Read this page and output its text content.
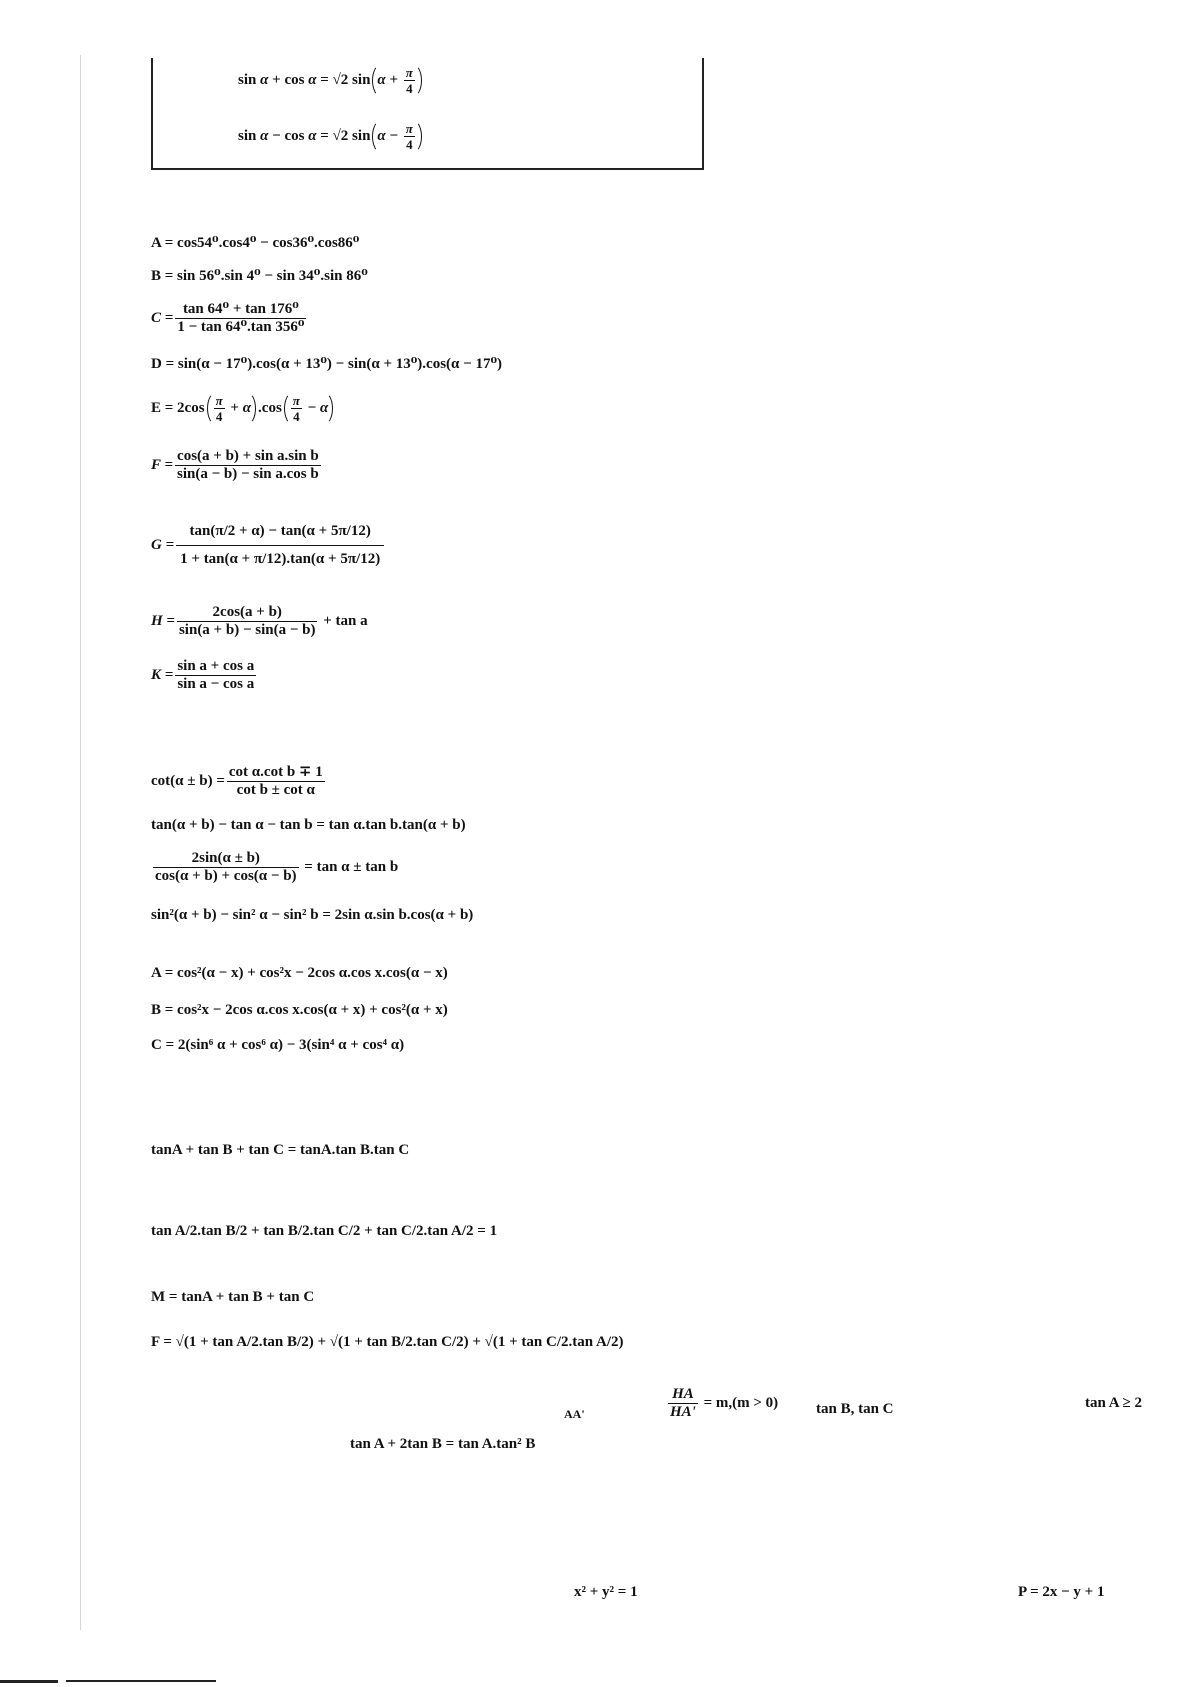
sin α + cos α = √2 $\sin \alpha + \frac{\pi}{4}$
sin α − cos α = √2 $\sin \alpha - \frac{\pi}{4}$
A = cos54⁰.cos4⁰ − cos36⁰.cos86⁰
B = sin 56⁰.sin 4⁰ − sin 34⁰.sin 86⁰
$C = \frac{\text{tan 64⁰ + tan 176⁰}}{\text{1 − tan 64⁰.tan 356⁰}}$
D = sin(α − 17⁰).cos(α + 13⁰) − sin(α + 13⁰).cos(α − 17⁰)
$E = 2\cos \frac{\pi}{4} + \alpha$ $.\cos \frac{\pi}{4} - \alpha$
$F = \frac{\text{cos(a + b) + sin a.sin b}}{\text{sin(a − b) − sin a.cos b}}$
$G = \frac{\tan(\pi/2 + \alpha) - \tan(\alpha + 5\pi/12)}{1 + \tan(\alpha + \pi/12).\tan(\alpha + 5\pi/12)}$
$H = \frac{2\cos(a + b)}{\sin(a + b) - \sin(a - b)} + \tan a$
$K = \frac{\text{sin a + cos a}}{\text{sin a − cos a}}$
$\cot(\alpha \pm b) = \frac{\text{cot α.cot b ∓ 1}}{\text{cot b ± cot α}}$
tan(α + b) − tan α − tan b = tan α.tan b.tan(α + b)
$\frac{2\sin(\alpha \pm b)}{\cos(\alpha + b) + \cos(\alpha - b)} = \tan \alpha \pm \tan b$
sin²(α + b) − sin² α − sin² b = 2sin α.sin b.cos(α + b)
A = cos²(α − x) + cos²x − 2cos α.cos x.cos(α − x)
B = cos²x − 2cos α.cos x.cos(α + x) + cos²(α + x)
C = 2(sin⁶ α + cos⁶ α) − 3(sin⁴ α + cos⁴ α)
tanA + tan B + tan C = tanA.tan B.tan C
tan A/2.tan B/2 + tan B/2.tan C/2 + tan C/2.tan A/2 = 1
M = tanA + tan B + tan C
F = √(1 + tan A/2.tan B/2) + √(1 + tan B/2.tan C/2) + √(1 + tan C/2.tan A/2)
AA'	$\frac{HA}{HA'} = m,(m > 0)$	tan B, tan C	tan A ≥ 2
tan A + 2tan B = tan A.tan² B
x² + y² = 1	P = 2x − y + 1
